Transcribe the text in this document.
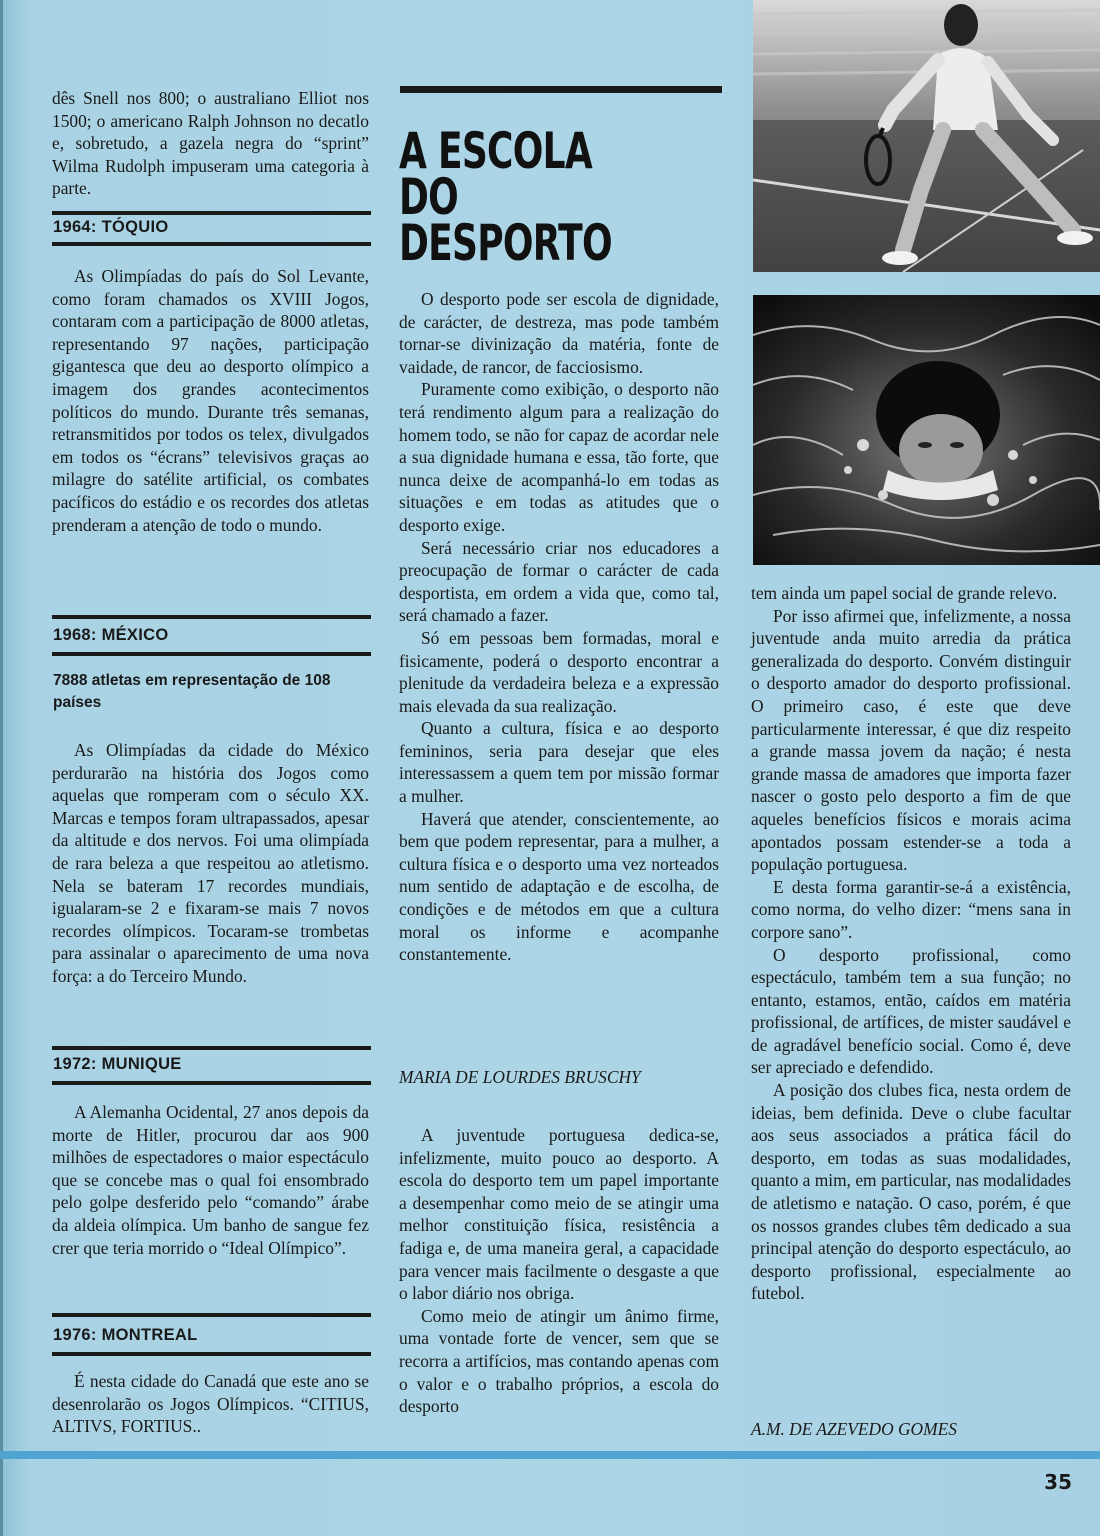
dês Snell nos 800; o australiano Elliot nos 1500; o americano Ralph Johnson no decatlo e, sobretudo, a gazela negra do “sprint” Wilma Rudolph impuseram uma categoria à parte.

1964: TÓQUIO

As Olimpíadas do país do Sol Levante, como foram chamados os XVIII Jogos, contaram com a participação de 8000 atletas, representando 97 nações, participação gigantesca que deu ao desporto olímpico a imagem dos grandes acontecimentos políticos do mundo. Durante três semanas, retransmitidos por todos os telex, divulgados em todos os “écrans” televisivos graças ao milagre do satélite artificial, os combates pacíficos do estádio e os recordes dos atletas prenderam a atenção de todo o mundo.

1968: MÉXICO
7888 atletas em representação de 108 países

As Olimpíadas da cidade do México perdurarão na história dos Jogos como aquelas que romperam com o século XX. Marcas e tempos foram ultrapassados, apesar da altitude e dos nervos. Foi uma olimpíada de rara beleza a que respeitou ao atletismo. Nela se bateram 17 recordes mundiais, igualaram-se 2 e fixaram-se mais 7 novos recordes olímpicos. Tocaram-se trombetas para assinalar o aparecimento de uma nova força: a do Terceiro Mundo.

1972: MUNIQUE

A Alemanha Ocidental, 27 anos depois da morte de Hitler, procurou dar aos 900 milhões de espectadores o maior espectáculo que se concebe mas o qual foi ensombrado pelo golpe desferido pelo “comando” árabe da aldeia olímpica. Um banho de sangue fez crer que teria morrido o “Ideal Olímpico”.

1976: MONTREAL

É nesta cidade do Canadá que este ano se desenrolarão os Jogos Olímpicos. “CITIUS, ALTIVS, FORTIUS..

A ESCOLA
DO
DESPORTO

O desporto pode ser escola de dignidade, de carácter, de destreza, mas pode também tornar-se divinização da matéria, fonte de vaidade, de rancor, de facciosismo.

Puramente como exibição, o desporto não terá rendimento algum para a realização do homem todo, se não for capaz de acordar nele a sua dignidade humana e essa, tão forte, que nunca deixe de acompanhá-lo em todas as situações e em todas as atitudes que o desporto exige.

Será necessário criar nos educadores a preocupação de formar o carácter de cada desportista, em ordem a vida que, como tal, será chamado a fazer.

Só em pessoas bem formadas, moral e fisicamente, poderá o desporto encontrar a plenitude da verdadeira beleza e a expressão mais elevada da sua realização.

Quanto a cultura, física e ao desporto femininos, seria para desejar que eles interessassem a quem tem por missão formar a mulher.

Haverá que atender, conscientemente, ao bem que podem representar, para a mulher, a cultura física e o desporto uma vez norteados num sentido de adaptação e de escolha, de condições e de métodos em que a cultura moral os informe e acompanhe constantemente.

MARIA DE LOURDES BRUSCHY

A juventude portuguesa dedica-se, infelizmente, muito pouco ao desporto. A escola do desporto tem um papel importante a desempenhar como meio de se atingir uma melhor constituição física, resistência a fadiga e, de uma maneira geral, a capacidade para vencer mais facilmente o desgaste a que o labor diário nos obriga.

Como meio de atingir um ânimo firme, uma vontade forte de vencer, sem que se recorra a artifícios, mas contando apenas com o valor e o trabalho próprios, a escola do desporto

tem ainda um papel social de grande relevo.

Por isso afirmei que, infelizmente, a nossa juventude anda muito arredia da prática generalizada do desporto. Convém distinguir o desporto amador do desporto profissional. O primeiro caso, é este que deve particularmente interessar, é que diz respeito a grande massa jovem da nação; é nesta grande massa de amadores que importa fazer nascer o gosto pelo desporto a fim de que aqueles benefícios físicos e morais acima apontados possam estender-se a toda a população portuguesa.

E desta forma garantir-se-á a existência, como norma, do velho dizer: “mens sana in corpore sano”.

O desporto profissional, como espectáculo, também tem a sua função; no entanto, estamos, então, caídos em matéria profissional, de artífices, de mister saudável e de agradável benefício social. Como é, deve ser apreciado e defendido.

A posição dos clubes fica, nesta ordem de ideias, bem definida. Deve o clube facultar aos seus associados a prática fácil do desporto, em todas as suas modalidades, quanto a mim, em particular, nas modalidades de atletismo e natação. O caso, porém, é que os nossos grandes clubes têm dedicado a sua principal atenção do desporto espectáculo, ao desporto profissional, especialmente ao futebol.

A.M. DE AZEVEDO GOMES
35
